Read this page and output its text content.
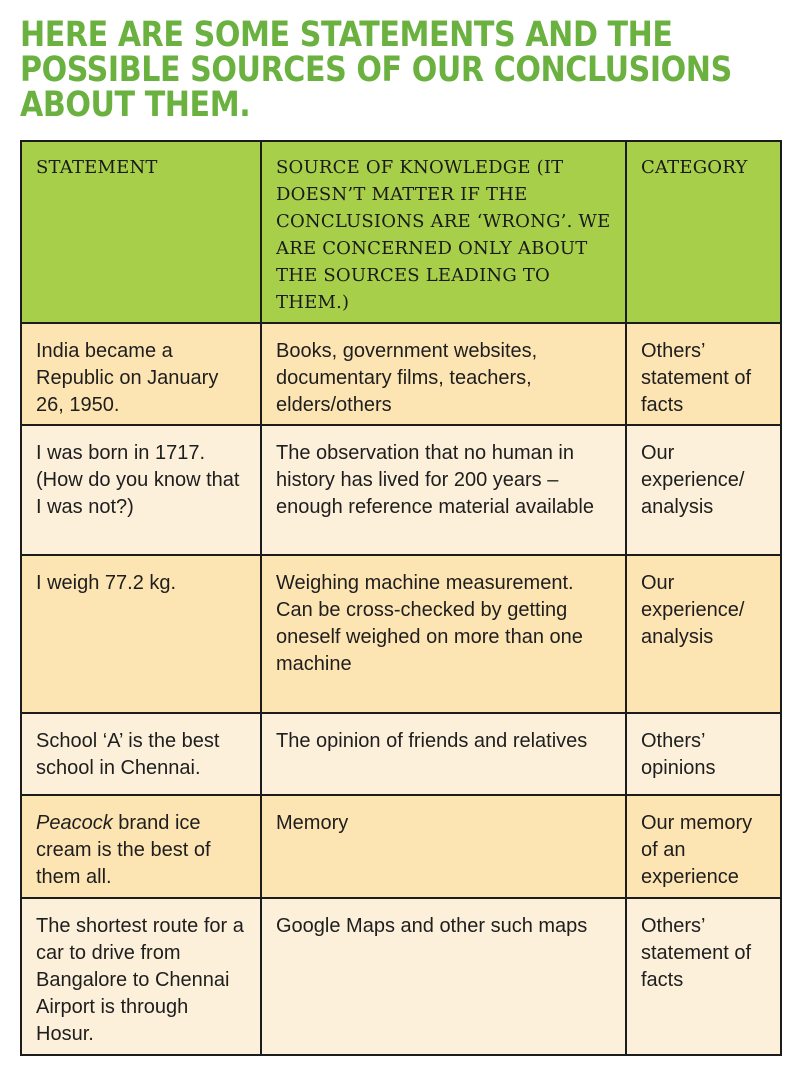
HERE ARE SOME STATEMENTS AND THE
POSSIBLE SOURCES OF OUR CONCLUSIONS
ABOUT THEM.
STATEMENT	SOURCE OF KNOWLEDGE (IT DOESN’T MATTER IF THE CONCLUSIONS ARE ‘WRONG’. WE ARE CONCERNED ONLY ABOUT THE SOURCES LEADING TO THEM.)	CATEGORY
India became a Republic on January 26, 1950.	Books, government websites, documentary films, teachers, elders/others	Others’ statement of facts
I was born in 1717. (How do you know that I was not?)	The observation that no human in history has lived for 200 years – enough reference material available	Our experience/ analysis
I weigh 77.2 kg.	Weighing machine measurement. Can be cross-checked by getting oneself weighed on more than one machine	Our experience/ analysis
School ‘A’ is the best school in Chennai.	The opinion of friends and relatives	Others’ opinions
Peacock brand ice cream is the best of them all.	Memory	Our memory of an experience
The shortest route for a car to drive from Bangalore to Chennai Airport is through Hosur.	Google Maps and other such maps	Others’ statement of facts
